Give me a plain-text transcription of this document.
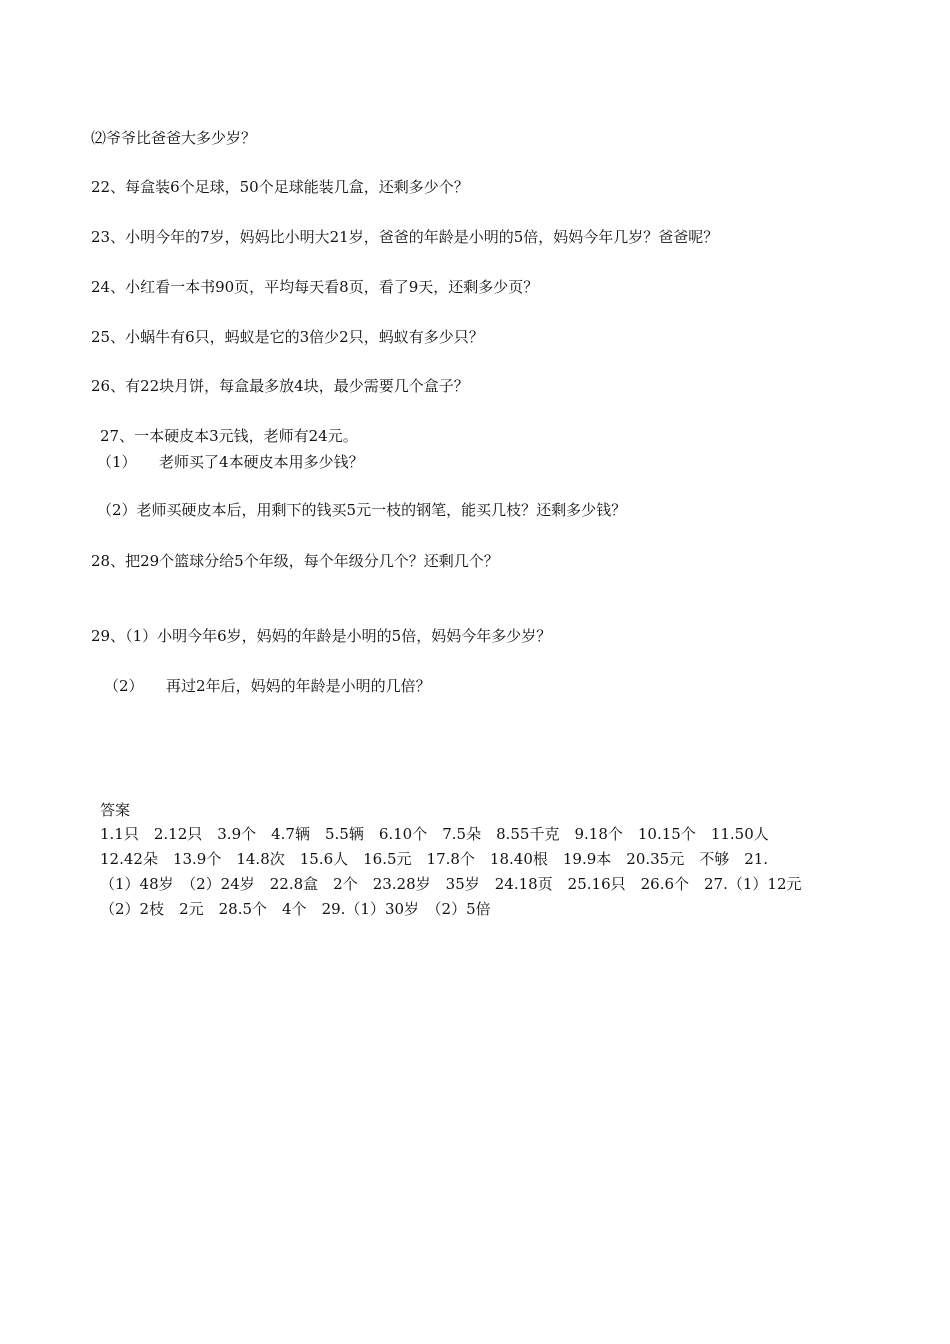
⑵爷爷比爸爸大多少岁？
22、每盒装6个足球，50个足球能装几盒，还剩多少个？
23、小明今年的7岁，妈妈比小明大21岁，爸爸的年龄是小明的5倍，妈妈今年几岁？爸爸呢？
24、小红看一本书90页，平均每天看8页，看了9天，还剩多少页？
25、小蜗牛有6只，蚂蚁是它的3倍少2只，蚂蚁有多少只？
26、有22块月饼，每盒最多放4块，最少需要几个盒子？
27、一本硬皮本3元钱，老师有24元。
（1）　　老师买了4本硬皮本用多少钱？
（2）老师买硬皮本后，用剩下的钱买5元一枝的钢笔，能买几枝？还剩多少钱？
28、把29个篮球分给5个年级，每个年级分几个？还剩几个？
29、（1）小明今年6岁，妈妈的年龄是小明的5倍，妈妈今年多少岁？
（2）　　再过2年后，妈妈的年龄是小明的几倍？
答案
1.1只　2.12只　3.9个　4.7辆　5.5辆　6.10个　7.5朵　8.55千克　9.18个　10.15个　11.50人
12.42朵　13.9个　14.8次　15.6人　16.5元　17.8个　18.40根　19.9本　20.35元　不够　21.
（1）48岁　（2）24岁　22.8盒　2个　23.28岁　35岁　24.18页　25.16只　26.6个　27.（1）12元
（2）2枝　2元　28.5个　4个　29.（1）30岁　（2）5倍
